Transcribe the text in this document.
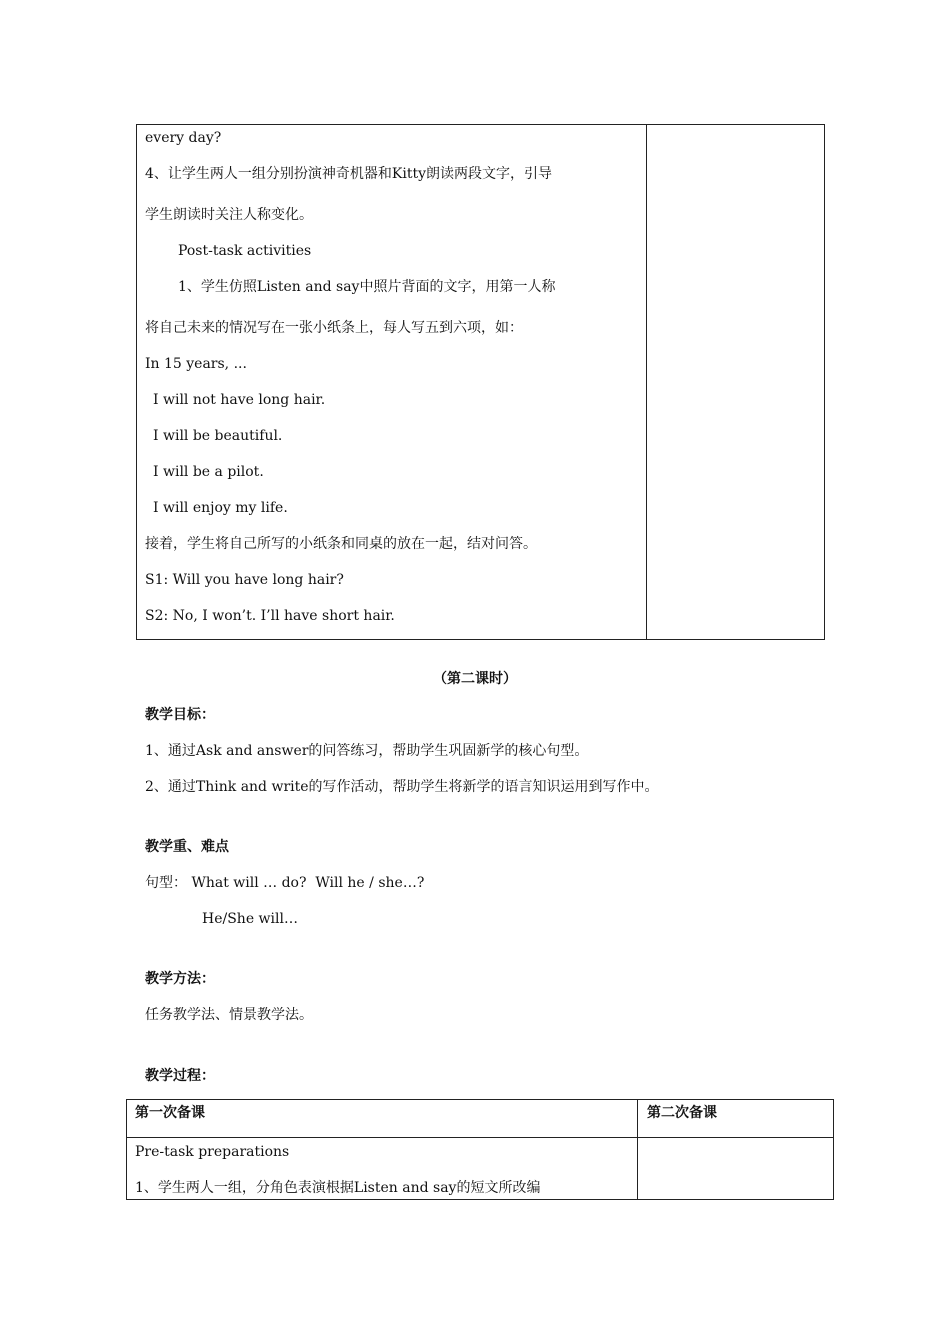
every day?
4、让学生两人一组分别扮演神奇机器和Kitty朗读两段文字，引导
学生朗读时关注人称变化。
Post-task activities
1、学生仿照Listen and say中照片背面的文字，用第一人称
将自己未来的情况写在一张小纸条上，每人写五到六项，如：
In 15 years, ...
I will not have long hair.
I will be beautiful.
I will be a pilot.
I will enjoy my life.
接着，学生将自己所写的小纸条和同桌的放在一起，结对问答。
S1: Will you have long hair?
S2: No, I won’t. I’ll have short hair.
（第二课时）
教学目标：
1、通过Ask and answer的问答练习，帮助学生巩固新学的核心句型。
2、通过Think and write的写作活动，帮助学生将新学的语言知识运用到写作中。
教学重、难点
句型： What will … do?  Will he / she…?
He/She will…
教学方法：
任务教学法、情景教学法。
教学过程：
第一次备课	第二次备课
Pre-task preparations
1、学生两人一组，分角色表演根据Listen and say的短文所改编
